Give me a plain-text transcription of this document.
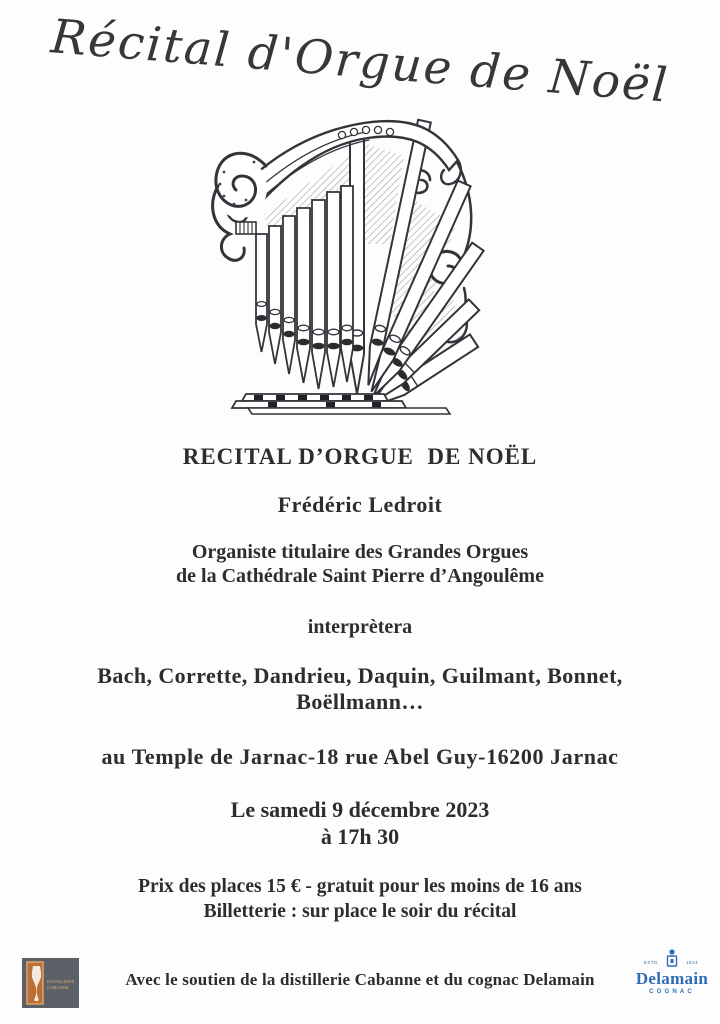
Récital d'Orgue de Noël
RECITAL D’ORGUE  DE NOËL
Frédéric Ledroit
Organiste titulaire des Grandes Orgues
de la Cathédrale Saint Pierre d’Angoulême
interprètera
Bach, Corrette, Dandrieu, Daquin, Guilmant, Bonnet,
Boëllmann…
au Temple de Jarnac-18 rue Abel Guy-16200 Jarnac
Le samedi 9 décembre 2023
à 17h 30
Prix des places 15 € - gratuit pour les moins de 16 ans
Billetterie : sur place le soir du récital
DISTILLERIE
CABANNE	Avec le soutien de la distillerie Cabanne et du cognac Delamain
ESTD	1824
Delamain
COGNAC
